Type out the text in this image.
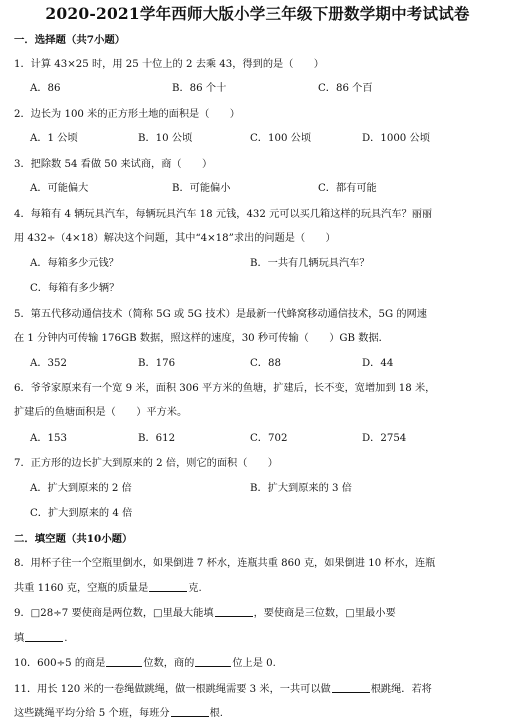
2020-2021学年西师大版小学三年级下册数学期中考试试卷
一．选择题（共7小题）
1．计算 43×25 时，用 25 十位上的 2 去乘 43，得到的是（　　）
A．86	B．86 个十	C．86 个百
2．边长为 100 米的正方形土地的面积是（　　）
A．1 公顷	B．10 公顷	C．100 公顷	D．1000 公顷
3．把除数 54 看做 50 来试商，商（　　）
A．可能偏大	B．可能偏小	C．都有可能
4．每箱有 4 辆玩具汽车，每辆玩具汽车 18 元钱，432 元可以买几箱这样的玩具汽车？丽丽
用 432÷（4×18）解决这个问题，其中“4×18”求出的问题是（　　）
A．每箱多少元钱？	B．一共有几辆玩具汽车？
C．每箱有多少辆？
5．第五代移动通信技术（简称 5G 或 5G 技术）是最新一代蜂窝移动通信技术，5G 的网速
在 1 分钟内可传输 176GB 数据，照这样的速度，30 秒可传输（　　）GB 数据．
A．352	B．176	C．88	D．44
6．爷爷家原来有一个宽 9 米，面积 306 平方米的鱼塘，扩建后，长不变，宽增加到 18 米，
扩建后的鱼塘面积是（　　）平方米。
A．153	B．612	C．702	D．2754
7．正方形的边长扩大到原来的 2 倍，则它的面积（　　）
A．扩大到原来的 2 倍	B．扩大到原来的 3 倍
C．扩大到原来的 4 倍
二．填空题（共10小题）
8．用杯子往一个空瓶里倒水，如果倒进 7 杯水，连瓶共重 860 克，如果倒进 10 杯水，连瓶
共重 1160 克，空瓶的质量是	克.
9．□28÷7 要使商是两位数，□里最大能填	，要使商是三位数，□里最小要
填	.
10．600÷5 的商是	位数，商的	位上是 0.
11．用长 120 米的一卷绳做跳绳，做一根跳绳需要 3 米，一共可以做	根跳绳．若将
这些跳绳平均分给 5 个班，每班分	根.
